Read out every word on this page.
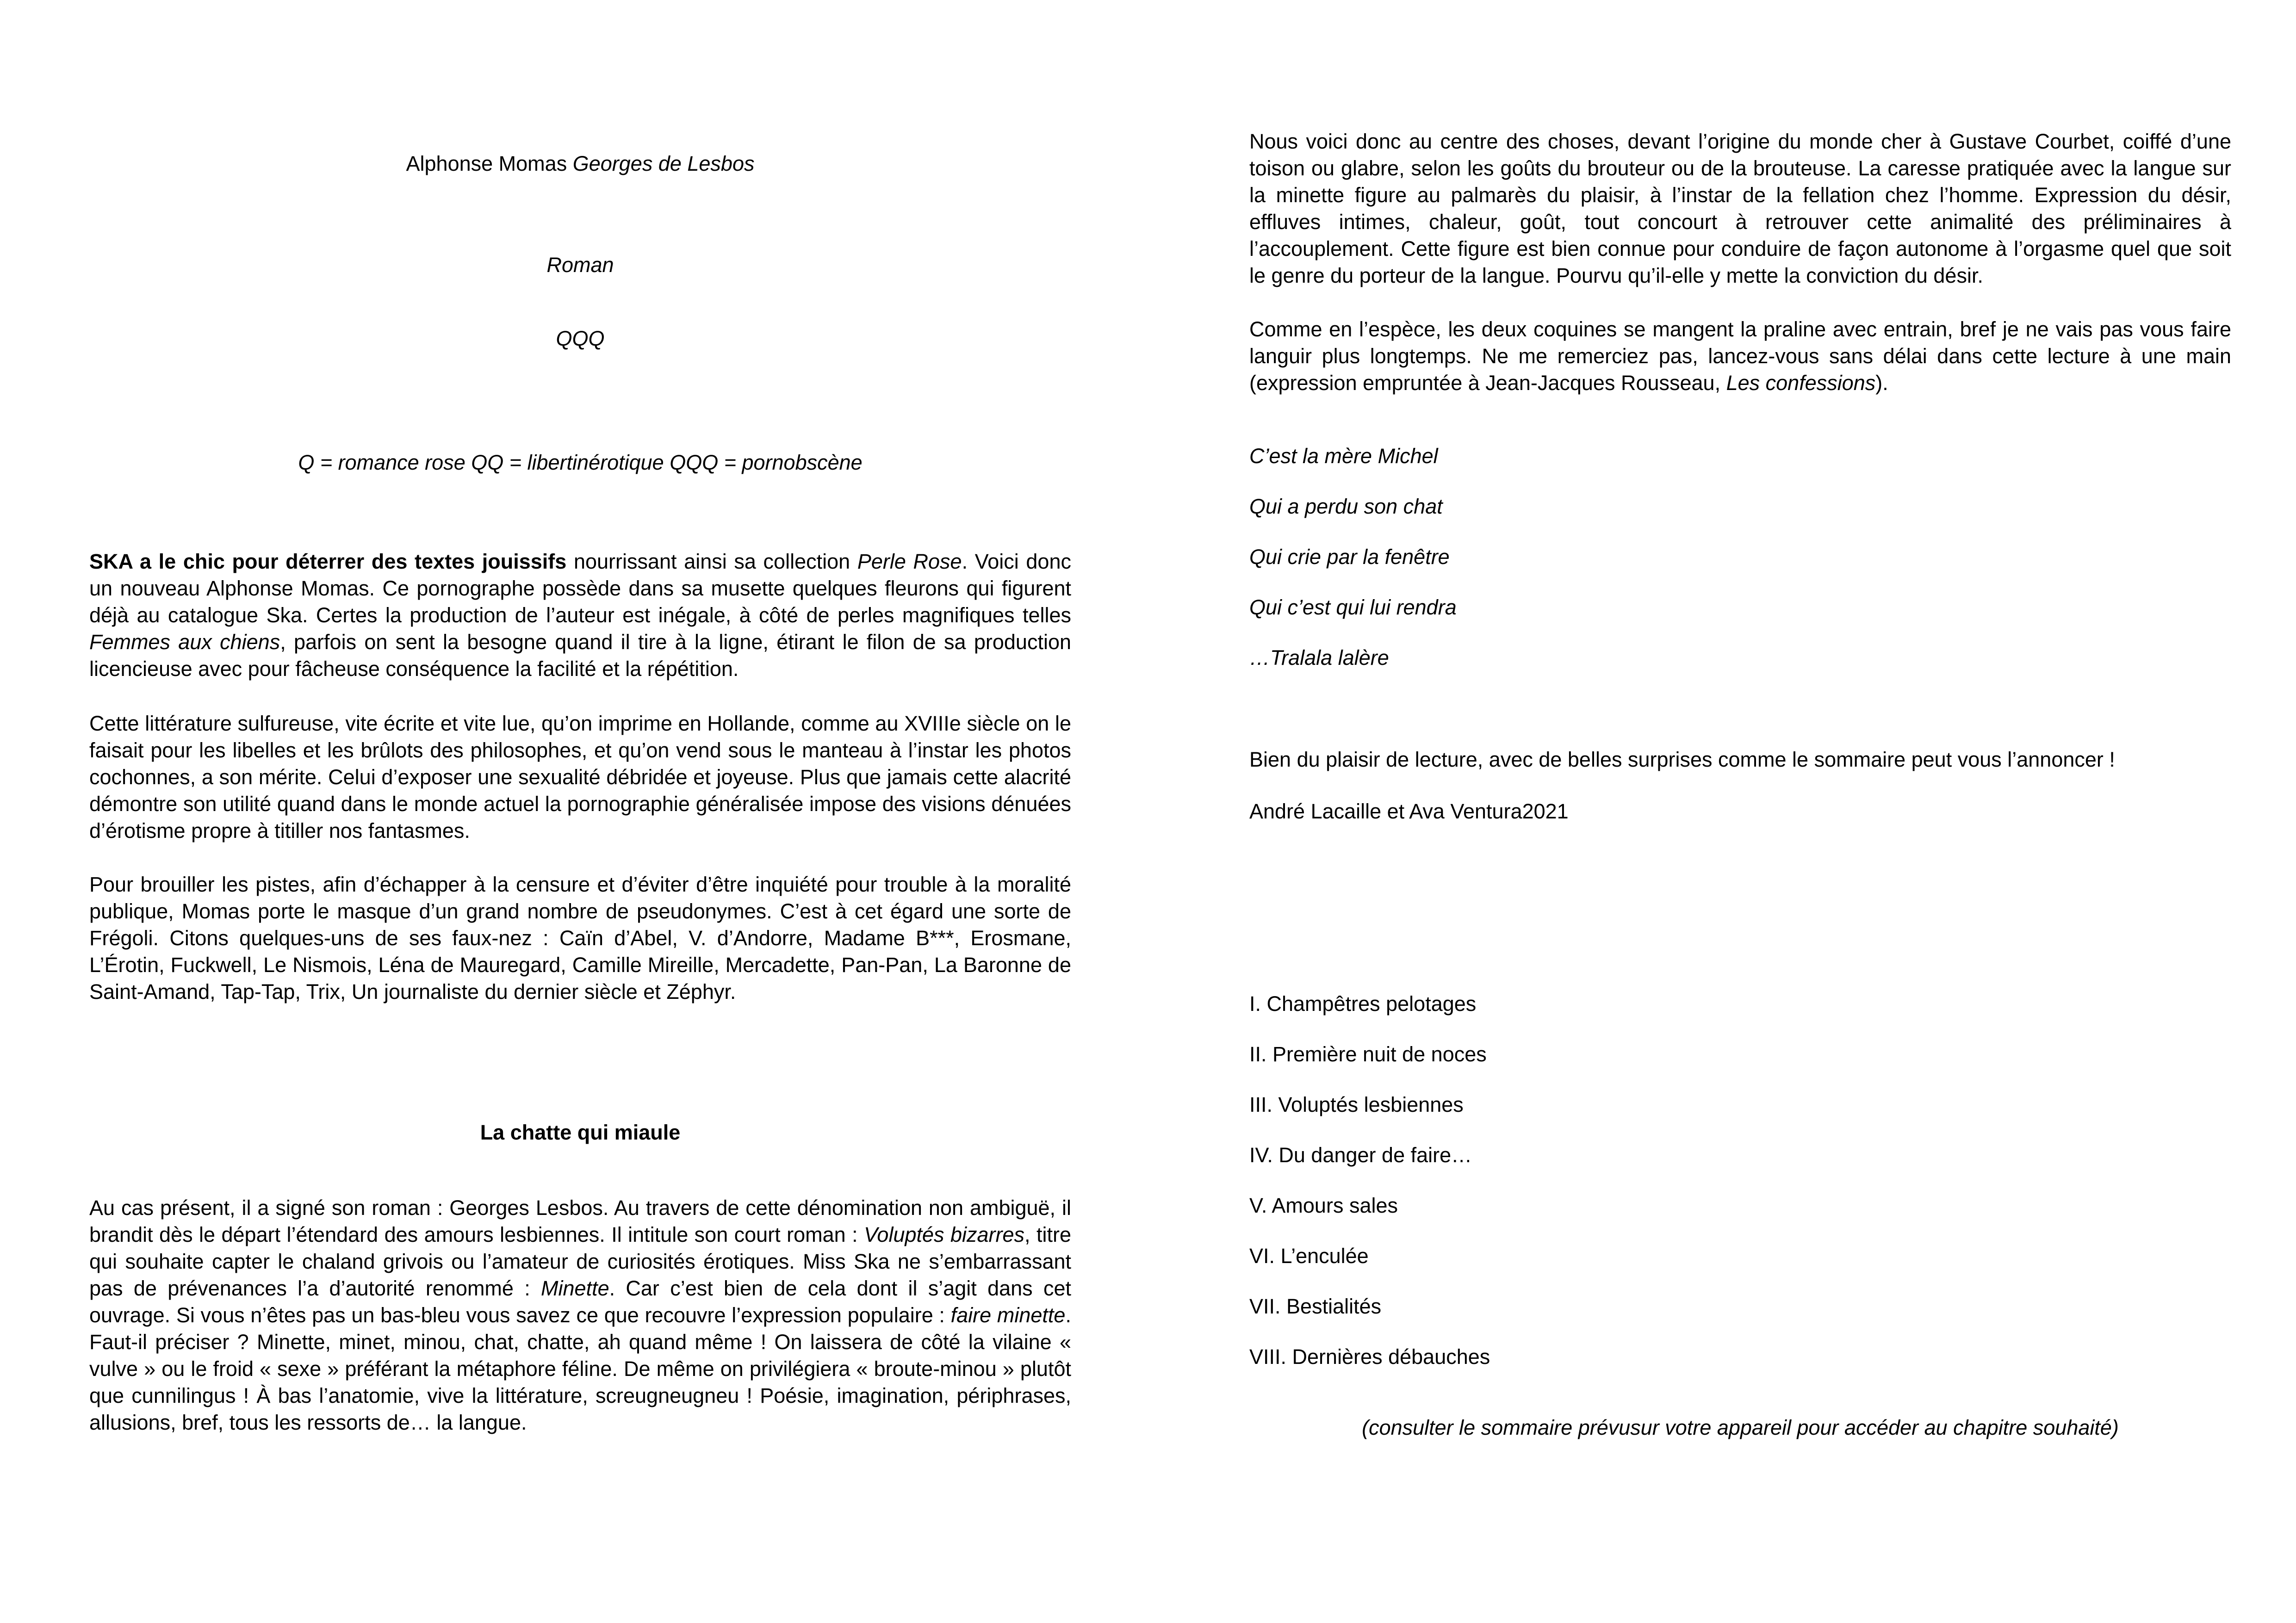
Alphonse Momas Georges de Lesbos

Roman

QQQ

Q = romance rose QQ = libertinérotique QQQ = pornobscène

SKA a le chic pour déterrer des textes jouissifs nourrissant ainsi sa collection Perle Rose. Voici donc un nouveau Alphonse Momas. Ce pornographe possède dans sa musette quelques fleurons qui figurent déjà au catalogue Ska. Certes la production de l’auteur est inégale, à côté de perles magnifiques telles Femmes aux chiens, parfois on sent la besogne quand il tire à la ligne, étirant le filon de sa production licencieuse avec pour fâcheuse conséquence la facilité et la répétition.

Cette littérature sulfureuse, vite écrite et vite lue, qu’on imprime en Hollande, comme au XVIIIe siècle on le faisait pour les libelles et les brûlots des philosophes, et qu’on vend sous le manteau à l’instar les photos cochonnes, a son mérite. Celui d’exposer une sexualité débridée et joyeuse. Plus que jamais cette alacrité démontre son utilité quand dans le monde actuel la pornographie généralisée impose des visions dénuées d’érotisme propre à titiller nos fantasmes.

Pour brouiller les pistes, afin d’échapper à la censure et d’éviter d’être inquiété pour trouble à la moralité publique, Momas porte le masque d’un grand nombre de pseudonymes. C’est à cet égard une sorte de Frégoli. Citons quelques-uns de ses faux-nez : Caïn d’Abel, V. d’Andorre, Madame B***, Erosmane, L’Érotin, Fuckwell, Le Nismois, Léna de Mauregard, Camille Mireille, Mercadette, Pan-Pan, La Baronne de Saint-Amand, Tap-Tap, Trix, Un journaliste du dernier siècle et Zéphyr.

La chatte qui miaule

Au cas présent, il a signé son roman : Georges Lesbos. Au travers de cette dénomination non ambiguë, il brandit dès le départ l’étendard des amours lesbiennes. Il intitule son court roman : Voluptés bizarres, titre qui souhaite capter le chaland grivois ou l’amateur de curiosités érotiques. Miss Ska ne s’embarrassant pas de prévenances l’a d’autorité renommé : Minette. Car c’est bien de cela dont il s’agit dans cet ouvrage. Si vous n’êtes pas un bas-bleu vous savez ce que recouvre l’expression populaire : faire minette. Faut-il préciser ? Minette, minet, minou, chat, chatte, ah quand même ! On laissera de côté la vilaine « vulve » ou le froid « sexe » préférant la métaphore féline. De même on privilégiera « broute-minou » plutôt que cunnilingus ! À bas l’anatomie, vive la littérature, screugneugneu ! Poésie, imagination, périphrases, allusions, bref, tous les ressorts de… la langue.

Nous voici donc au centre des choses, devant l’origine du monde cher à Gustave Courbet, coiffé d’une toison ou glabre, selon les goûts du brouteur ou de la brouteuse. La caresse pratiquée avec la langue sur la minette figure au palmarès du plaisir, à l’instar de la fellation chez l’homme. Expression du désir, effluves intimes, chaleur, goût, tout concourt à retrouver cette animalité des préliminaires à l’accouplement. Cette figure est bien connue pour conduire de façon autonome à l’orgasme quel que soit le genre du porteur de la langue. Pourvu qu’il-elle y mette la conviction du désir.

Comme en l’espèce, les deux coquines se mangent la praline avec entrain, bref je ne vais pas vous faire languir plus longtemps. Ne me remerciez pas, lancez-vous sans délai dans cette lecture à une main (expression empruntée à Jean-Jacques Rousseau, Les confessions).

C’est la mère Michel

Qui a perdu son chat

Qui crie par la fenêtre

Qui c’est qui lui rendra

…Tralala lalère

Bien du plaisir de lecture, avec de belles surprises comme le sommaire peut vous l’annoncer !

André Lacaille et Ava Ventura2021

I. Champêtres pelotages

II. Première nuit de noces

III. Voluptés lesbiennes

IV. Du danger de faire…

V. Amours sales

VI. L’enculée

VII. Bestialités

VIII. Dernières débauches

(consulter le sommaire prévusur votre appareil pour accéder au chapitre souhaité)
